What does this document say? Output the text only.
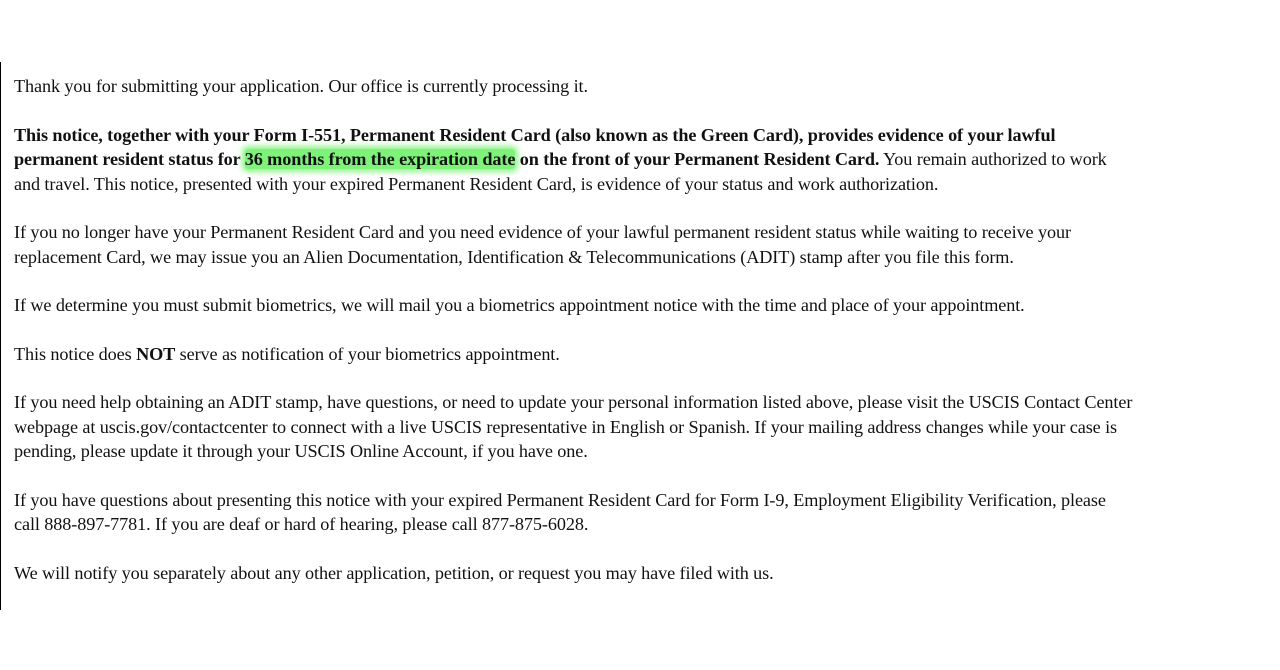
Thank you for submitting your application. Our office is currently processing it.

This notice, together with your Form I-551, Permanent Resident Card (also known as the Green Card), provides evidence of your lawful
permanent resident status for 36 months from the expiration date on the front of your Permanent Resident Card. You remain authorized to work
and travel. This notice, presented with your expired Permanent Resident Card, is evidence of your status and work authorization.

If you no longer have your Permanent Resident Card and you need evidence of your lawful permanent resident status while waiting to receive your
replacement Card, we may issue you an Alien Documentation, Identification & Telecommunications (ADIT) stamp after you file this form.

If we determine you must submit biometrics, we will mail you a biometrics appointment notice with the time and place of your appointment.

This notice does NOT serve as notification of your biometrics appointment.

If you need help obtaining an ADIT stamp, have questions, or need to update your personal information listed above, please visit the USCIS Contact Center
webpage at uscis.gov/contactcenter to connect with a live USCIS representative in English or Spanish. If your mailing address changes while your case is
pending, please update it through your USCIS Online Account, if you have one.

If you have questions about presenting this notice with your expired Permanent Resident Card for Form I-9, Employment Eligibility Verification, please
call 888-897-7781. If you are deaf or hard of hearing, please call 877-875-6028.

We will notify you separately about any other application, petition, or request you may have filed with us.
